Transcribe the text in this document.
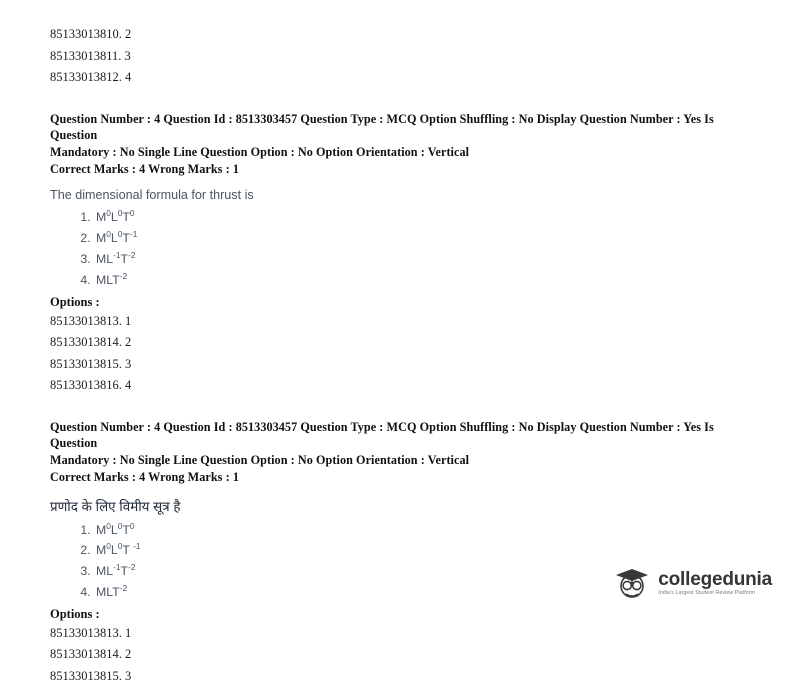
85133013810. 2
85133013811. 3
85133013812. 4
Question Number : 4 Question Id : 8513303457 Question Type : MCQ Option Shuffling : No Display Question Number : Yes Is Question
Mandatory : No Single Line Question Option : No Option Orientation : Vertical
Correct Marks : 4 Wrong Marks : 1
The dimensional formula for thrust is
1. $M^0L^0T^0$
2. $M^0L^0T^{-1}$
3. $ML^{-1}T^{-2}$
4. $MLT^{-2}$
Options :
85133013813. 1
85133013814. 2
85133013815. 3
85133013816. 4
Question Number : 4 Question Id : 8513303457 Question Type : MCQ Option Shuffling : No Display Question Number : Yes Is Question
Mandatory : No Single Line Question Option : No Option Orientation : Vertical
Correct Marks : 4 Wrong Marks : 1
प्रणोद के लिए विमीय सूत्र है
1. $M^0L^0T^0$
2. $M^0L^0T$ $^{-1}$
3. $ML^{-1}T^{-2}$
4. $MLT^{-2}$
Options :
85133013813. 1
85133013814. 2
85133013815. 3
collegedunia
India's Largest Student Review Platform
